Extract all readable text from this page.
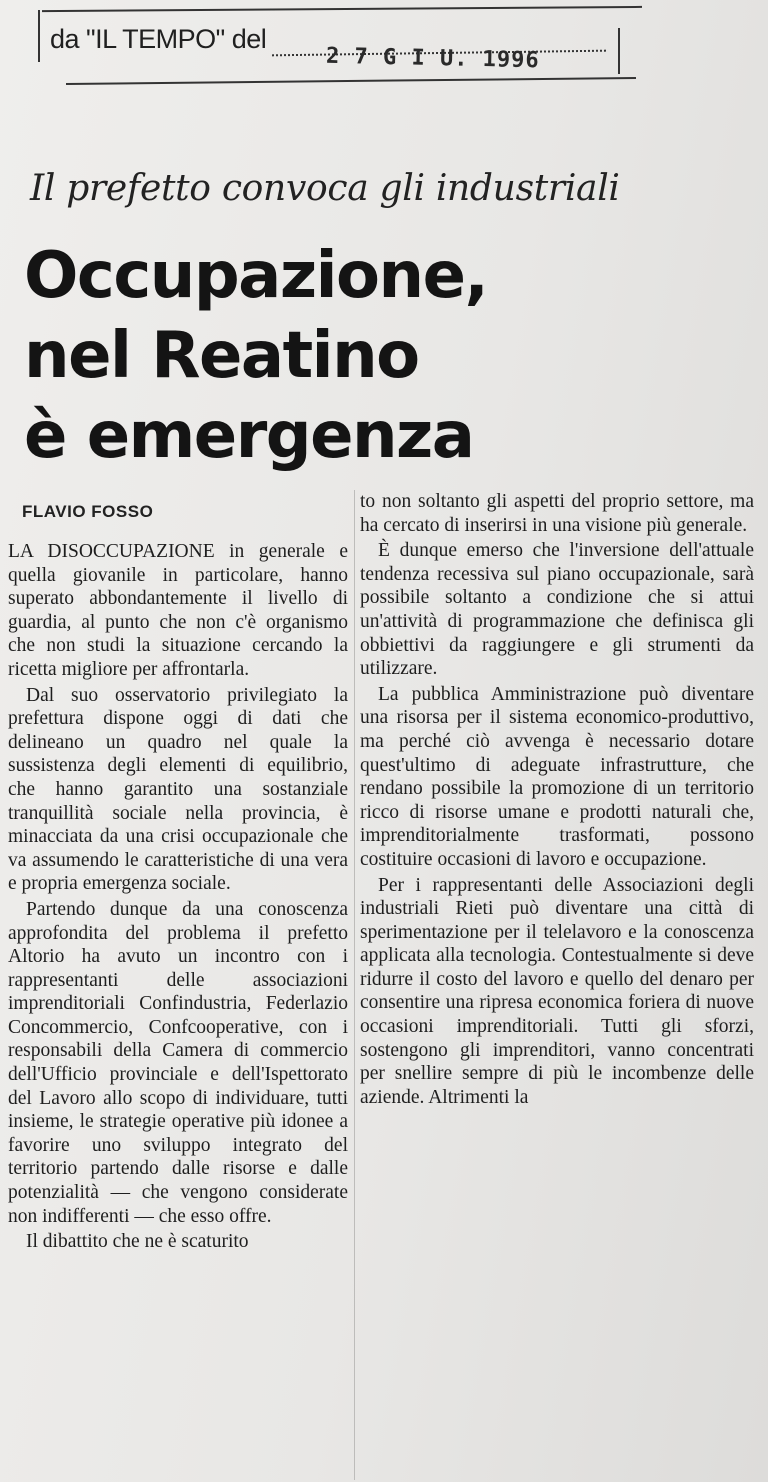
da "IL TEMPO" del
2 7 G I U. 1996
Il prefetto convoca gli industriali
Occupazione,
nel Reatino
è emergenza
FLAVIO FOSSO

LA DISOCCUPAZIONE in generale e quella giovanile in particolare, hanno superato abbondantemente il livello di guardia, al punto che non c'è organismo che non studi la situazione cercando la ricetta migliore per affrontarla.

Dal suo osservatorio privilegiato la prefettura dispone oggi di dati che delineano un quadro nel quale la sussistenza degli elementi di equilibrio, che hanno garantito una sostanziale tranquillità sociale nella provincia, è minacciata da una crisi occupazionale che va assumendo le caratteristiche di una vera e propria emergenza sociale.

Partendo dunque da una conoscenza approfondita del problema il prefetto Altorio ha avuto un incontro con i rappresentanti delle associazioni imprenditoriali Confindustria, Federlazio Concommercio, Confcooperative, con i responsabili della Camera di commercio dell'Ufficio provinciale e dell'Ispettorato del Lavoro allo scopo di individuare, tutti insieme, le strategie operative più idonee a favorire uno sviluppo integrato del territorio partendo dalle risorse e dalle potenzialità — che vengono considerate non indifferenti — che esso offre.

Il dibattito che ne è scaturito

to non soltanto gli aspetti del proprio settore, ma ha cercato di inserirsi in una visione più generale.

È dunque emerso che l'inversione dell'attuale tendenza recessiva sul piano occupazionale, sarà possibile soltanto a condizione che si attui un'attività di programmazione che definisca gli obbiettivi da raggiungere e gli strumenti da utilizzare.

La pubblica Amministrazione può diventare una risorsa per il sistema economico-produttivo, ma perché ciò avvenga è necessario dotare quest'ultimo di adeguate infrastrutture, che rendano possibile la promozione di un territorio ricco di risorse umane e prodotti naturali che, imprenditorialmente trasformati, possono costituire occasioni di lavoro e occupazione.

Per i rappresentanti delle Associazioni degli industriali Rieti può diventare una città di sperimentazione per il telelavoro e la conoscenza applicata alla tecnologia. Contestualmente si deve ridurre il costo del lavoro e quello del denaro per consentire una ripresa economica foriera di nuove occasioni imprenditoriali. Tutti gli sforzi, sostengono gli imprenditori, vanno concentrati per snellire sempre di più le incombenze delle aziende. Altrimenti la
